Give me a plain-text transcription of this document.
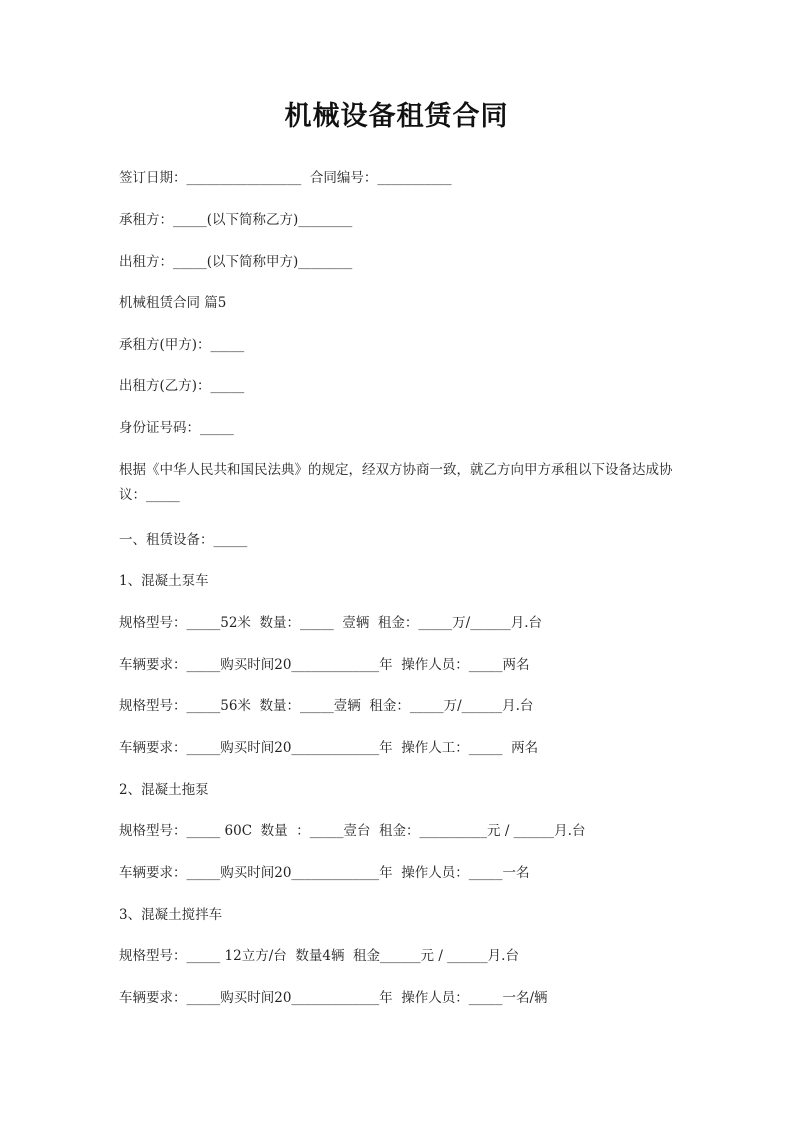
机械设备租赁合同
签订日期：_________________  合同编号：___________
承租方：_____(以下简称乙方)________
出租方：_____(以下简称甲方)________
机械租赁合同 篇5
承租方(甲方)：_____
出租方(乙方)：_____
身份证号码：_____
根据《中华人民共和国民法典》的规定，经双方协商一致，就乙方向甲方承租以下设备达成协议：_____
一、租赁设备：_____
1、混凝土泵车
规格型号：_____52米  数量：_____  壹辆  租金：_____万/______月.台
车辆要求：_____购买时间20_____________年  操作人员：_____两名
规格型号：_____56米  数量：_____壹辆  租金：_____万/______月.台
车辆要求：_____购买时间20_____________年  操作人工：_____  两名
2、混凝土拖泵
规格型号：_____ 60C  数量  ：_____壹台  租金：__________元 / ______月.台
车辆要求：_____购买时间20_____________年  操作人员：_____一名
3、混凝土搅拌车
规格型号：_____ 12立方/台  数量4辆  租金______元 / ______月.台
车辆要求：_____购买时间20_____________年  操作人员：_____一名/辆
